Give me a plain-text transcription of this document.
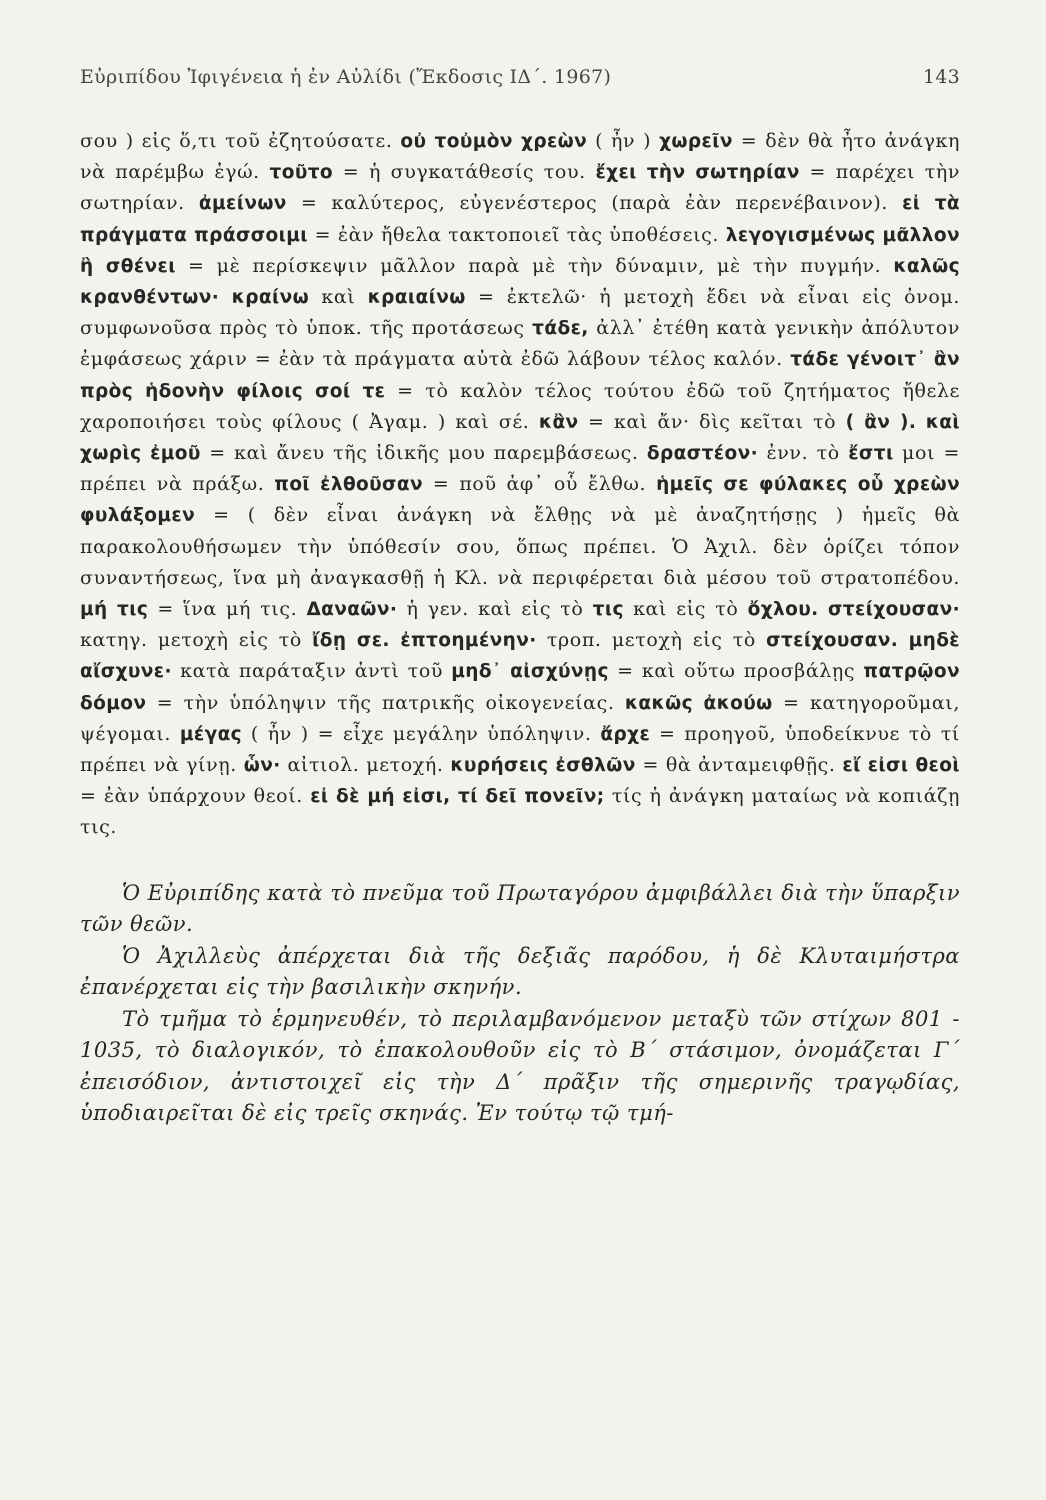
Εὐριπίδου Ἰφιγένεια ἡ ἐν Αὐλίδι (Ἔκδοσις ΙΔ΄. 1967)	143

σου ) εἰς ὅ,τι τοῦ ἐζητούσατε. οὐ τοὐμὸν χρεὼν ( ἦν ) χωρεῖν = δὲν θὰ ἦτο ἀνάγκη νὰ παρέμβω ἐγώ. τοῦτο = ἡ συγκατάθεσίς του. ἔχει τὴν σωτηρίαν = παρέχει τὴν σωτηρίαν. ἀμείνων = καλύτερος, εὐγενέστερος (παρὰ ἐὰν περενέβαινον). εἰ τὰ πράγματα πράσσοιμι = ἐὰν ἤθελα τακτοποιεῖ τὰς ὑποθέσεις. λεγογισμένως μᾶλλον ἢ σθένει = μὲ περίσκεψιν μᾶλλον παρὰ μὲ τὴν δύναμιν, μὲ τὴν πυγμήν. καλῶς κρανθέντων· κραίνω καὶ κραιαίνω = ἐκτελῶ· ἡ μετοχὴ ἔδει νὰ εἶναι εἰς ὀνομ. συμφωνοῦσα πρὸς τὸ ὑποκ. τῆς προτάσεως τάδε, ἀλλ᾽ ἐτέθη κατὰ γενικὴν ἀπόλυτον ἐμφάσεως χάριν = ἐὰν τὰ πράγματα αὐτὰ ἐδῶ λάβουν τέλος καλόν. τάδε γένοιτ᾽ ἂν πρὸς ἡδονὴν φίλοις σοί τε = τὸ καλὸν τέλος τούτου ἐδῶ τοῦ ζητήματος ἤθελε χαροποιήσει τοὺς φίλους ( Ἀγαμ. ) καὶ σέ. κἂν = καὶ ἄν· δὶς κεῖται τὸ ( ἂν ). καὶ χωρὶς ἐμοῦ = καὶ ἄνευ τῆς ἰδικῆς μου παρεμβάσεως. δραστέον· ἐνν. τὸ ἔστι μοι = πρέπει νὰ πράξω. ποῖ ἐλθοῦσαν = ποῦ ἀφ᾽ οὗ ἔλθω. ἡμεῖς σε φύλακες οὗ χρεὼν φυλάξομεν = ( δὲν εἶναι ἀνάγκη νὰ ἔλθῃς νὰ μὲ ἀναζητήσῃς ) ἡμεῖς θὰ παρακολουθήσωμεν τὴν ὑπόθεσίν σου, ὅπως πρέπει. Ὁ Ἀχιλ. δὲν ὁρίζει τόπον συναντήσεως, ἵνα μὴ ἀναγκασθῇ ἡ Κλ. νὰ περιφέρεται διὰ μέσου τοῦ στρατοπέδου. μή τις = ἵνα μή τις. Δαναῶν· ἡ γεν. καὶ εἰς τὸ τις καὶ εἰς τὸ ὄχλου. στείχουσαν· κατηγ. μετοχὴ εἰς τὸ ἴδῃ σε. ἐπτοημένην· τροπ. μετοχὴ εἰς τὸ στείχουσαν. μηδὲ αἴσχυνε· κατὰ παράταξιν ἀντὶ τοῦ μηδ᾽ αἰσχύνῃς = καὶ οὕτω προσβάλῃς πατρῷον δόμον = τὴν ὑπόληψιν τῆς πατρικῆς οἰκογενείας. κακῶς ἀκούω = κατηγοροῦμαι, ψέγομαι. μέγας ( ἦν ) = εἶχε μεγάλην ὑπόληψιν. ἄρχε = προηγοῦ, ὑποδείκνυε τὸ τί πρέπει νὰ γίνῃ. ὧν· αἰτιολ. μετοχή. κυρήσεις ἐσθλῶν = θὰ ἀνταμειφθῇς. εἴ εἰσι θεοὶ = ἐὰν ὑπάρχουν θεοί. εἰ δὲ μή εἰσι, τί δεῖ πονεῖν; τίς ἡ ἀνάγκη ματαίως νὰ κοπιάζῃ τις.

Ὁ Εὐριπίδης κατὰ τὸ πνεῦμα τοῦ Πρωταγόρου ἀμφιβάλλει διὰ τὴν ὕπαρξιν τῶν θεῶν.

Ὁ Ἀχιλλεὺς ἀπέρχεται διὰ τῆς δεξιᾶς παρόδου, ἡ δὲ Κλυταιμήστρα ἐπανέρχεται εἰς τὴν βασιλικὴν σκηνήν.

Τὸ τμῆμα τὸ ἑρμηνευθέν, τὸ περιλαμβανόμενον μεταξὺ τῶν στίχων 801 - 1035, τὸ διαλογικόν, τὸ ἐπακολουθοῦν εἰς τὸ Β΄ στάσιμον, ὀνομάζεται Γ΄ ἐπεισόδιον, ἀντιστοιχεῖ εἰς τὴν Δ΄ πρᾶξιν τῆς σημερινῆς τραγῳδίας, ὑποδιαιρεῖται δὲ εἰς τρεῖς σκηνάς. Ἐν τούτῳ τῷ τμή-
